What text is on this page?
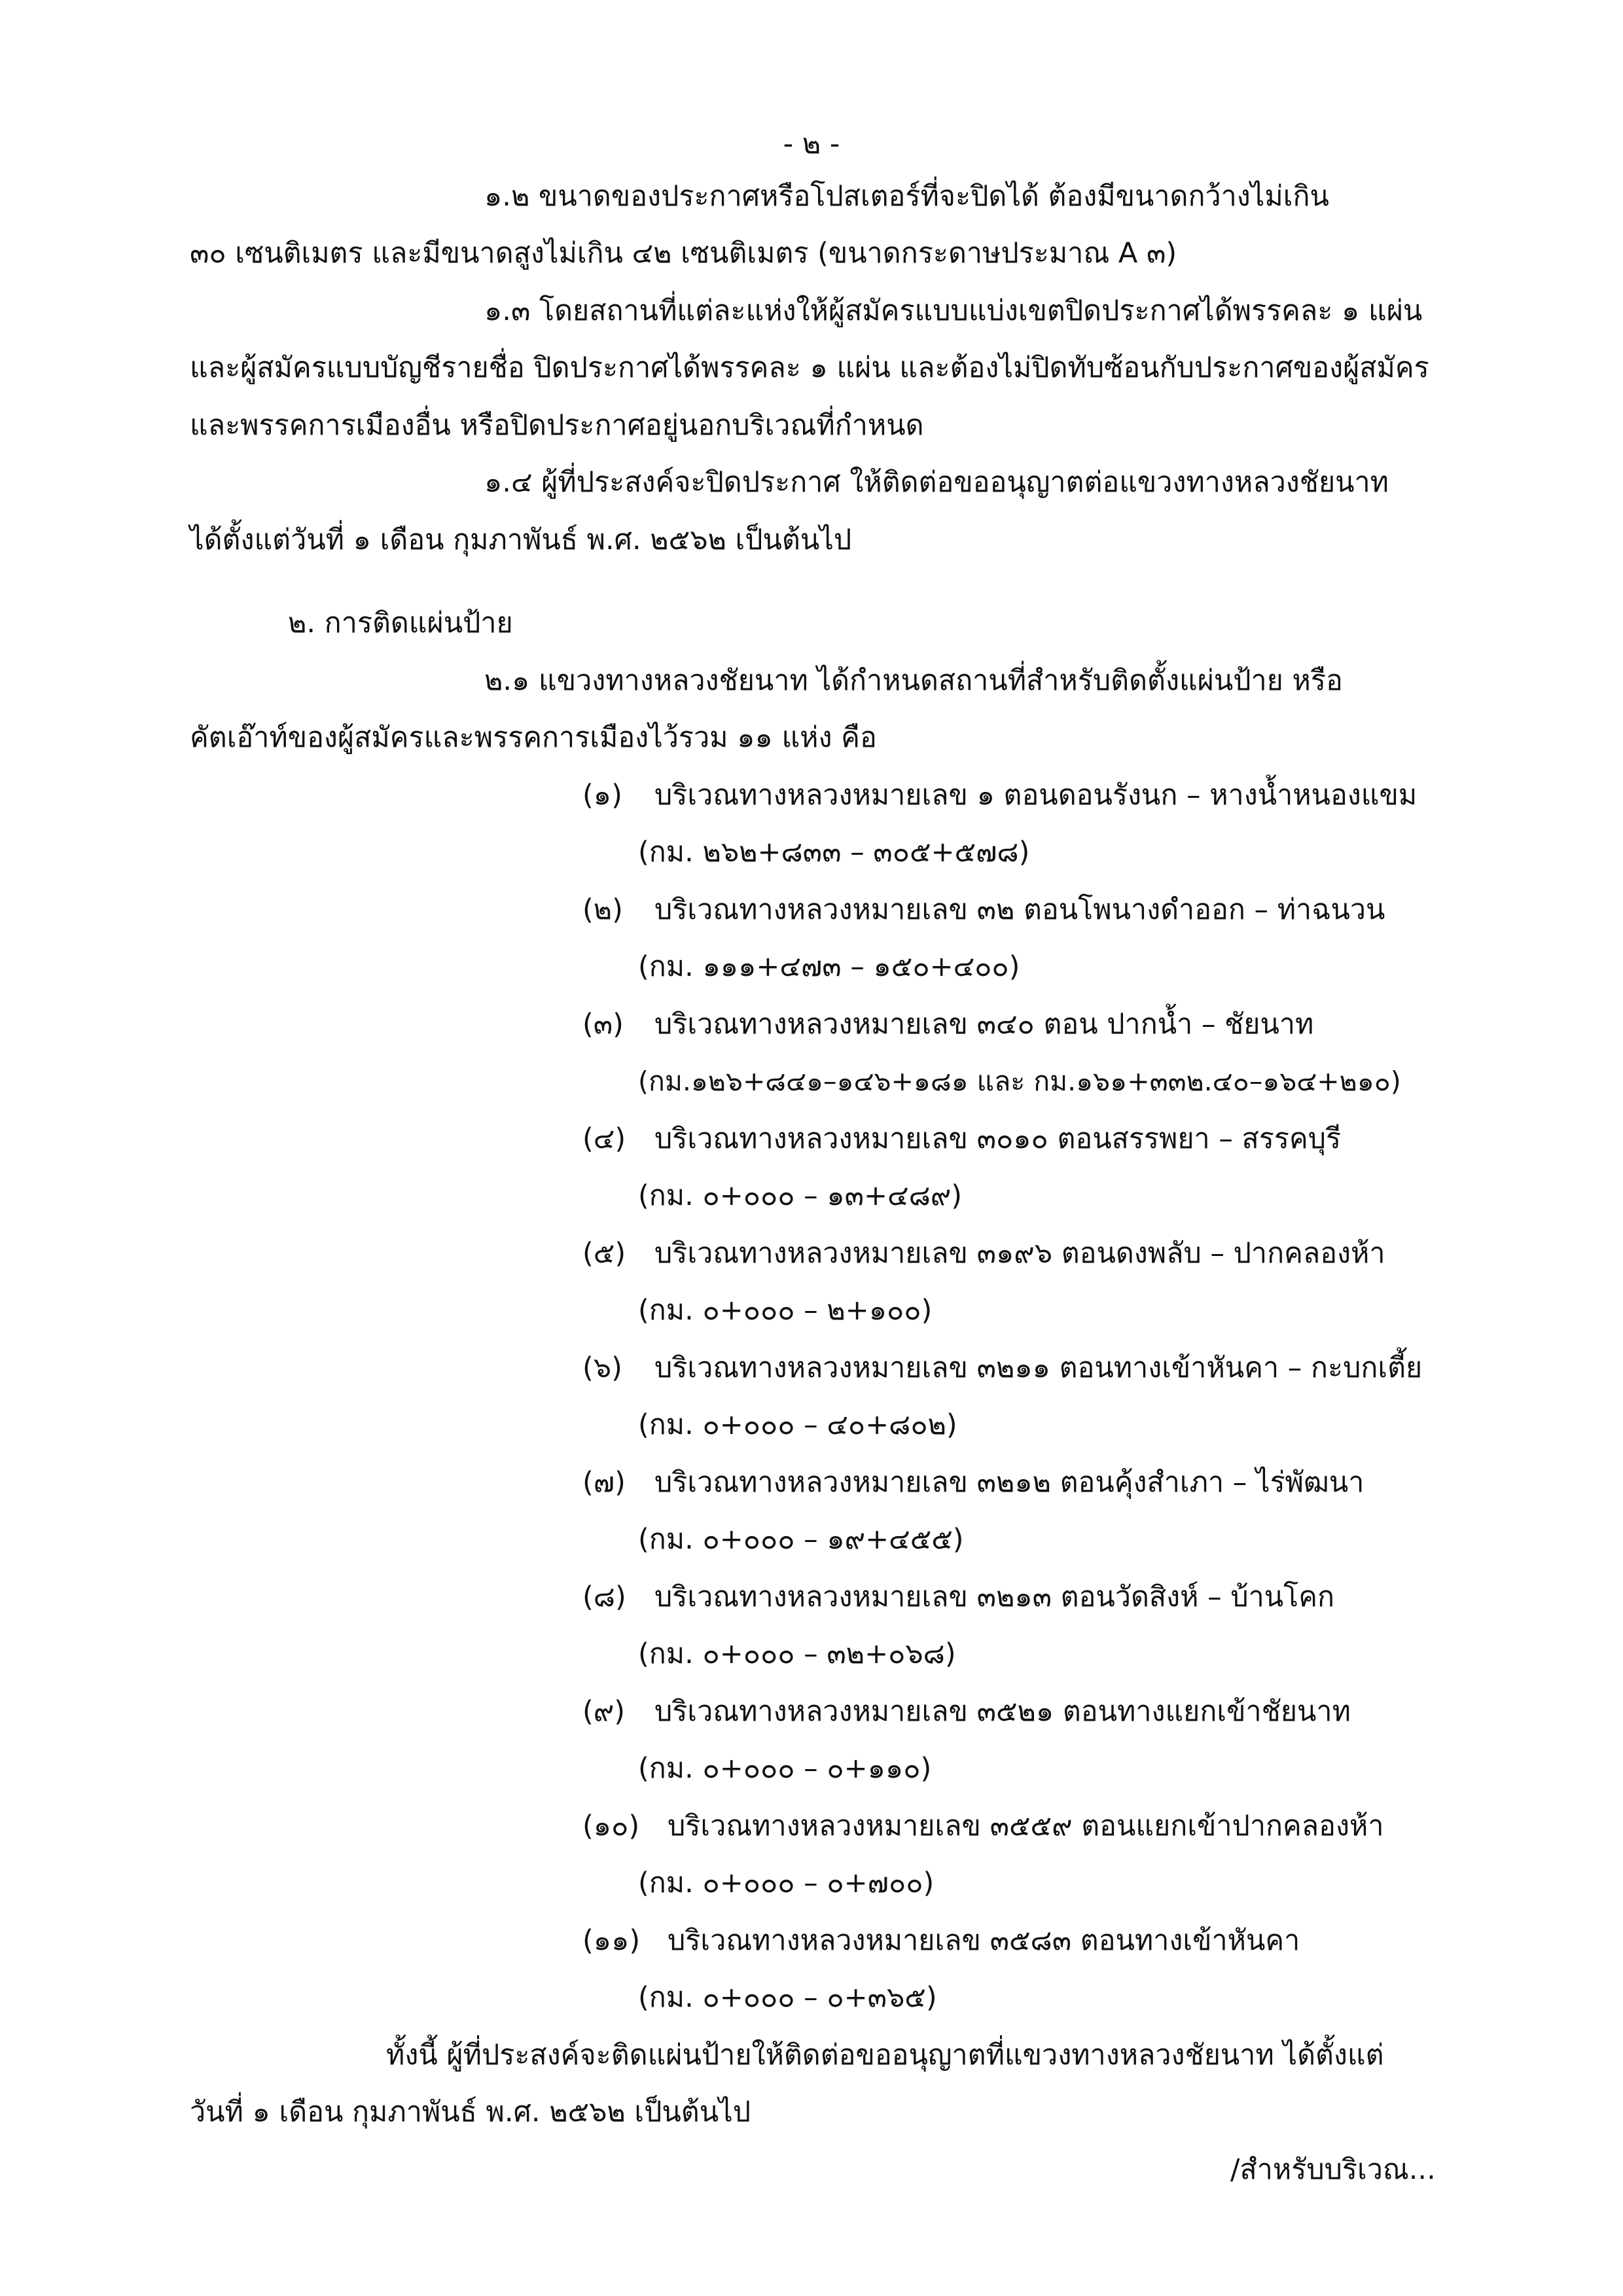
- ๒ -
๑.๒ ขนาดของประกาศหรือโปสเตอร์ที่จะปิดได้ ต้องมีขนาดกว้างไม่เกิน
๓๐ เซนติเมตร และมีขนาดสูงไม่เกิน ๔๒ เซนติเมตร (ขนาดกระดาษประมาณ A ๓)
๑.๓ โดยสถานที่แต่ละแห่งให้ผู้สมัครแบบแบ่งเขตปิดประกาศได้พรรคละ ๑ แผ่น
และผู้สมัครแบบบัญชีรายชื่อ ปิดประกาศได้พรรคละ ๑ แผ่น และต้องไม่ปิดทับซ้อนกับประกาศของผู้สมัคร
และพรรคการเมืองอื่น หรือปิดประกาศอยู่นอกบริเวณที่กำหนด
๑.๔ ผู้ที่ประสงค์จะปิดประกาศ ให้ติดต่อขออนุญาตต่อแขวงทางหลวงชัยนาท
ได้ตั้งแต่วันที่ ๑ เดือน กุมภาพันธ์ พ.ศ. ๒๕๖๒ เป็นต้นไป
๒. การติดแผ่นป้าย
๒.๑ แขวงทางหลวงชัยนาท ได้กำหนดสถานที่สำหรับติดตั้งแผ่นป้าย หรือ
คัตเอ๊าท์ของผู้สมัครและพรรคการเมืองไว้รวม ๑๑ แห่ง คือ
(๑) บริเวณทางหลวงหมายเลข ๑ ตอนดอนรังนก – หางน้ำหนองแขม
(กม. ๒๖๒+๘๓๓ – ๓๐๕+๕๗๘)
(๒) บริเวณทางหลวงหมายเลข ๓๒ ตอนโพนางดำออก – ท่าฉนวน
(กม. ๑๑๑+๔๗๓ – ๑๕๐+๔๐๐)
(๓) บริเวณทางหลวงหมายเลข ๓๔๐ ตอน ปากน้ำ – ชัยนาท
(กม.๑๒๖+๘๔๑–๑๔๖+๑๘๑ และ กม.๑๖๑+๓๓๒.๔๐–๑๖๔+๒๑๐)
(๔) บริเวณทางหลวงหมายเลข ๓๐๑๐ ตอนสรรพยา – สรรคบุรี
(กม. ๐+๐๐๐ – ๑๓+๔๘๙)
(๕) บริเวณทางหลวงหมายเลข ๓๑๙๖ ตอนดงพลับ – ปากคลองห้า
(กม. ๐+๐๐๐ – ๒+๑๐๐)
(๖) บริเวณทางหลวงหมายเลข ๓๒๑๑ ตอนทางเข้าหันคา – กะบกเตี้ย
(กม. ๐+๐๐๐ – ๔๐+๘๐๒)
(๗) บริเวณทางหลวงหมายเลข ๓๒๑๒ ตอนคุ้งสำเภา – ไร่พัฒนา
(กม. ๐+๐๐๐ – ๑๙+๔๕๕)
(๘) บริเวณทางหลวงหมายเลข ๓๒๑๓ ตอนวัดสิงห์ – บ้านโคก
(กม. ๐+๐๐๐ – ๓๒+๐๖๘)
(๙) บริเวณทางหลวงหมายเลข ๓๕๒๑ ตอนทางแยกเข้าชัยนาท
(กม. ๐+๐๐๐ – ๐+๑๑๐)
(๑๐) บริเวณทางหลวงหมายเลข ๓๕๕๙ ตอนแยกเข้าปากคลองห้า
(กม. ๐+๐๐๐ – ๐+๗๐๐)
(๑๑) บริเวณทางหลวงหมายเลข ๓๕๘๓ ตอนทางเข้าหันคา
(กม. ๐+๐๐๐ – ๐+๓๖๕)
ทั้งนี้ ผู้ที่ประสงค์จะติดแผ่นป้ายให้ติดต่อขออนุญาตที่แขวงทางหลวงชัยนาท ได้ตั้งแต่
วันที่ ๑ เดือน กุมภาพันธ์ พ.ศ. ๒๕๖๒ เป็นต้นไป
/สำหรับบริเวณ...
